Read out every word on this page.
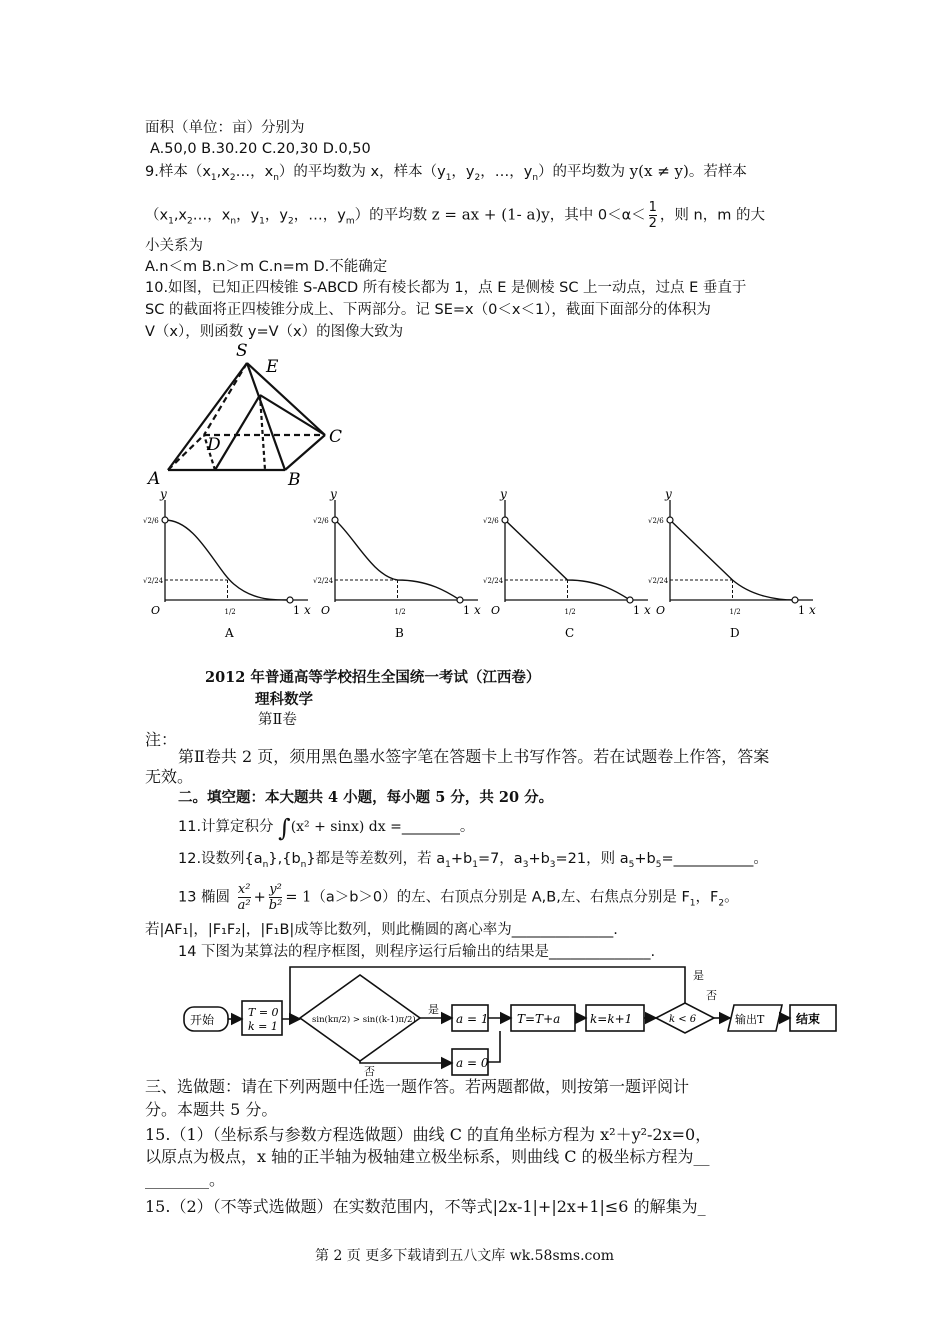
面积（单位：亩）分别为
A.50,0 B.30.20 C.20,30 D.0,50
9.样本（$x_1,x_2\dots$，$x_n$）的平均数为 x，样本（$y_1$，$y_2$，…，$y_n$）的平均数为 y(x ≠ y)。若样本
（$x_1,x_2\dots$，$x_n$，$y_1$，$y_2$，…，$y_m$）的平均数 z = ax + (1- a)y，其中 $0<\alpha< \frac{1}{2}$ ，则 n，m 的大
小关系为
A.n＜m B.n＞m C.n=m D.不能确定
10.如图，已知正四棱锥 S-ABCD 所有棱长都为 1，点 E 是侧棱 SC 上一动点，过点 E 垂直于
SC 的截面将正四棱锥分成上、下两部分。记 SE=x（0＜x＜1），截面下面部分的体积为
V（x），则函数 y=V（x）的图像大致为
S
E
D	C
A	B
y
x
O
√2/6
√2/24
1/2	1
A
y
x
O
√2/6
√2/24
1/2	1
B
y
x
O
√2/6
√2/24
1/2	1
C
y
x
O
√2/6
√2/24
1/2	1
D
2012 年普通高等学校招生全国统一考试（江西卷）
理科数学
第Ⅱ卷
注：
第Ⅱ卷共 2 页，须用黑色墨水签字笔在答题卡上书写作答。若在试题卷上作答，答案
无效。
二。填空题：本大题共 4 小题，每小题 5 分，共 20 分。
11.计算定积分 ∫(x² + sinx) dx =________。
12.设数列$\{a_n\},\{b_n\}$都是等差数列，若 $a_1+b_1=7$，$a_3+b_3=21$，则 $a_5+b_5=\_\_\_\_\_\_\_\_\_\_\_$。
13 椭圆 $\frac{\text{x²}}{\text{a²}} + \frac{\text{y²}}{\text{b²}} = 1(a>b>0)$的左、右顶点分别是 A,B,左、右焦点分别是 $F_1$，$F_2$。
若|AF₁|，|F₁F₂|，|F₁B|成等比数列，则此椭圆的离心率为______________.
14 下图为某算法的程序框图，则程序运行后输出的结果是______________.
开始
T = 0
k = 1	sin(kπ/2) > sin((k-1)π/2)
是
否
a = 1
a = 0
T=T+a k=k+1	k < 6
是
否
输出T	结束
三、选做题：请在下列两题中任选一题作答。若两题都做，则按第一题评阅计
分。本题共 5 分。
15.（1）（坐标系与参数方程选做题）曲线 C 的直角坐标方程为 x²＋y²-2x=0，
以原点为极点，x 轴的正半轴为极轴建立极坐标系，则曲线 C 的极坐标方程为__
________。
15.（2）（不等式选做题）在实数范围内，不等式|2x-1|+|2x+1|≤6 的解集为_
第 2 页 更多下载请到五八文库 wk.58sms.com
